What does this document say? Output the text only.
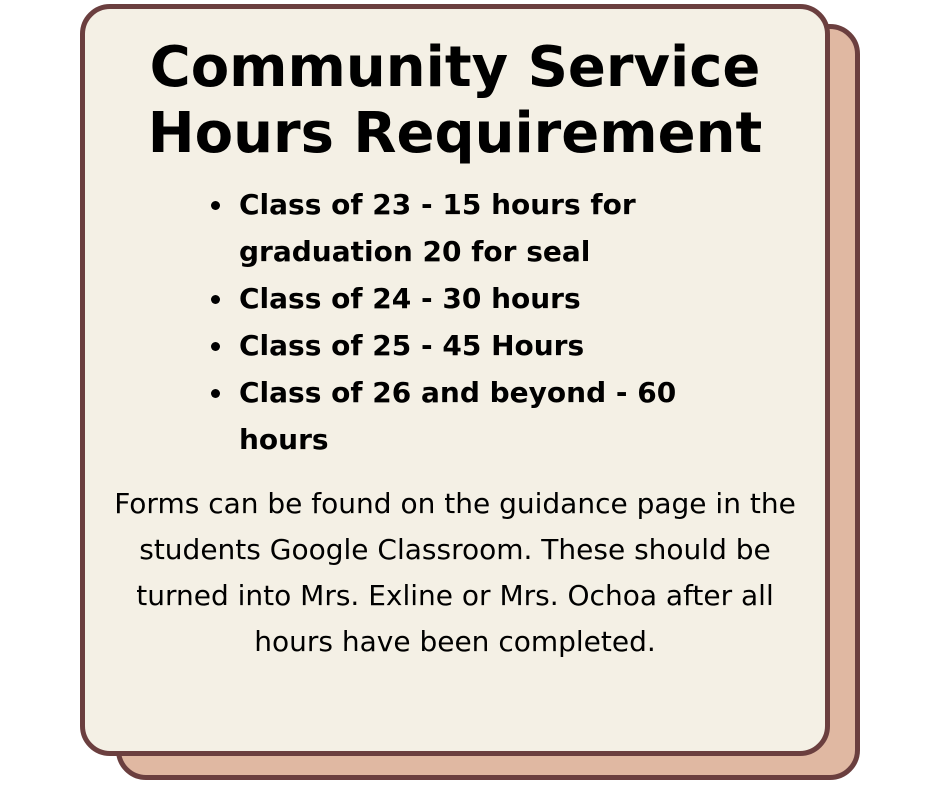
Community Service
Hours Requirement
Class of 23 - 15 hours for graduation 20 for seal
Class of 24 - 30 hours
Class of 25 - 45 Hours
Class of 26 and beyond - 60 hours

Forms can be found on the guidance page in the students Google Classroom. These should be turned into Mrs. Exline or Mrs. Ochoa after all hours have been completed.
